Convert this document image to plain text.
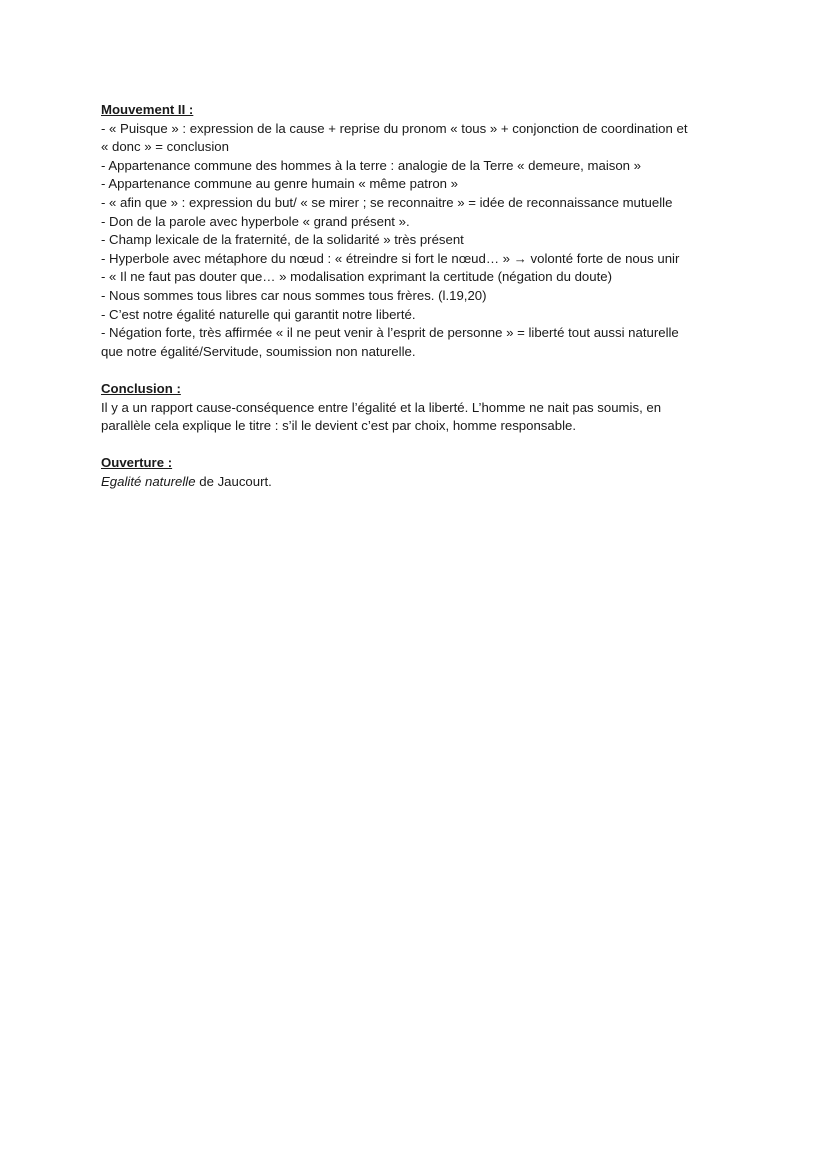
Mouvement II :
- « Puisque » : expression de la cause + reprise du pronom « tous » + conjonction de coordination et
« donc » = conclusion
- Appartenance commune des hommes à la terre : analogie de la Terre « demeure, maison »
- Appartenance commune au genre humain « même patron »
- « afin que » : expression du but/ « se mirer ; se reconnaitre » = idée de reconnaissance mutuelle
- Don de la parole avec hyperbole « grand présent ».
- Champ lexicale de la fraternité, de la solidarité » très présent
- Hyperbole avec métaphore du nœud : « étreindre si fort le nœud… » → volonté forte de nous unir
- « Il ne faut pas douter que… » modalisation exprimant la certitude (négation du doute)
- Nous sommes tous libres car nous sommes tous frères. (l.19,20)
- C’est notre égalité naturelle qui garantit notre liberté.
- Négation forte, très affirmée « il ne peut venir à l’esprit de personne » = liberté tout aussi naturelle
que notre égalité/Servitude, soumission non naturelle.
Conclusion :
Il y a un rapport cause-conséquence entre l’égalité et la liberté. L’homme ne nait pas soumis, en
parallèle cela explique le titre : s’il le devient c’est par choix, homme responsable.
Ouverture :
Egalité naturelle de Jaucourt.
